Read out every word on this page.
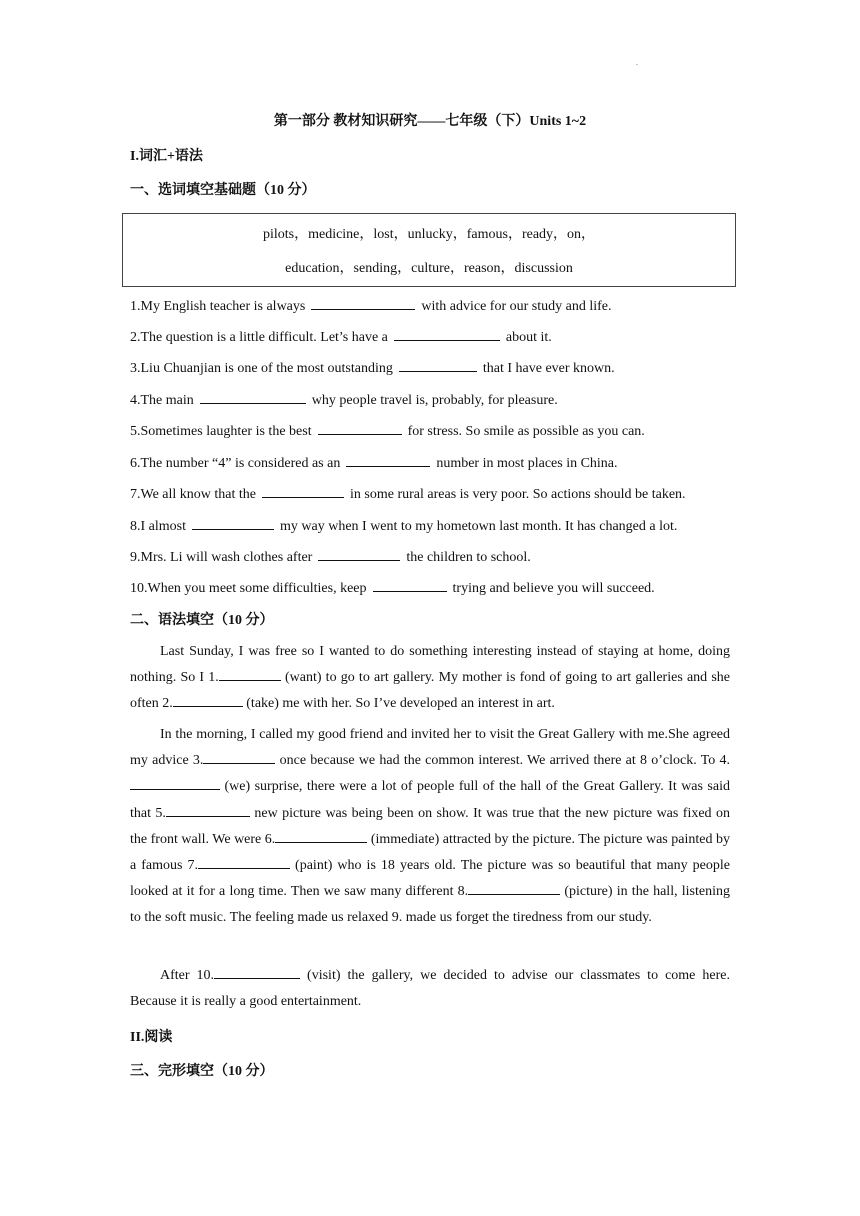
.
第一部分 教材知识研究——七年级（下）Units 1~2
I.词汇+语法
一、选词填空基础题（10 分）
pilots，medicine，lost，unlucky，famous，ready，on，
education，sending，culture，reason，discussion
1.My English teacher is always	with advice for our study and life.
2.The question is a little difficult. Let’s have a	about it.
3.Liu Chuanjian is one of the most outstanding	that I have ever known.
4.The main	why people travel is, probably, for pleasure.
5.Sometimes laughter is the best	for stress. So smile as possible as you can.
6.The number “4” is considered as an	number in most places in China.
7.We all know that the	in some rural areas is very poor. So actions should be taken.
8.I almost	my way when I went to my hometown last month. It has changed a lot.
9.Mrs. Li will wash clothes after	the children to school.
10.When you meet some difficulties, keep	trying and believe you will succeed.
二、语法填空（10 分）
Last Sunday, I was free so I wanted to do something interesting instead of staying at home, doing nothing. So I 1.	(want) to go to art gallery. My mother is fond of going to art galleries and she often 2.	(take) me with her. So I’ve developed an interest in art.
In the morning, I called my good friend and invited her to visit the Great Gallery with me.She agreed my advice 3.	once because we had the common interest. We arrived there at 8 o’clock. To 4. (we) surprise, there were a lot of people full of the hall of the Great Gallery. It was said that 5.	new picture was being been on show. It was true that the new picture was fixed on the front wall. We were 6.	(immediate) attracted by the picture. The picture was painted by a famous 7.	(paint) who is 18 years old. The picture was so beautiful that many people looked at it for a long time. Then we saw many different 8.	(picture) in the hall, listening to the soft music. The feeling made us relaxed 9. made us forget the tiredness from our study.
After 10.	(visit) the gallery, we decided to advise our classmates to come here. Because it is really a good entertainment.
II.阅读
三、完形填空（10 分）
